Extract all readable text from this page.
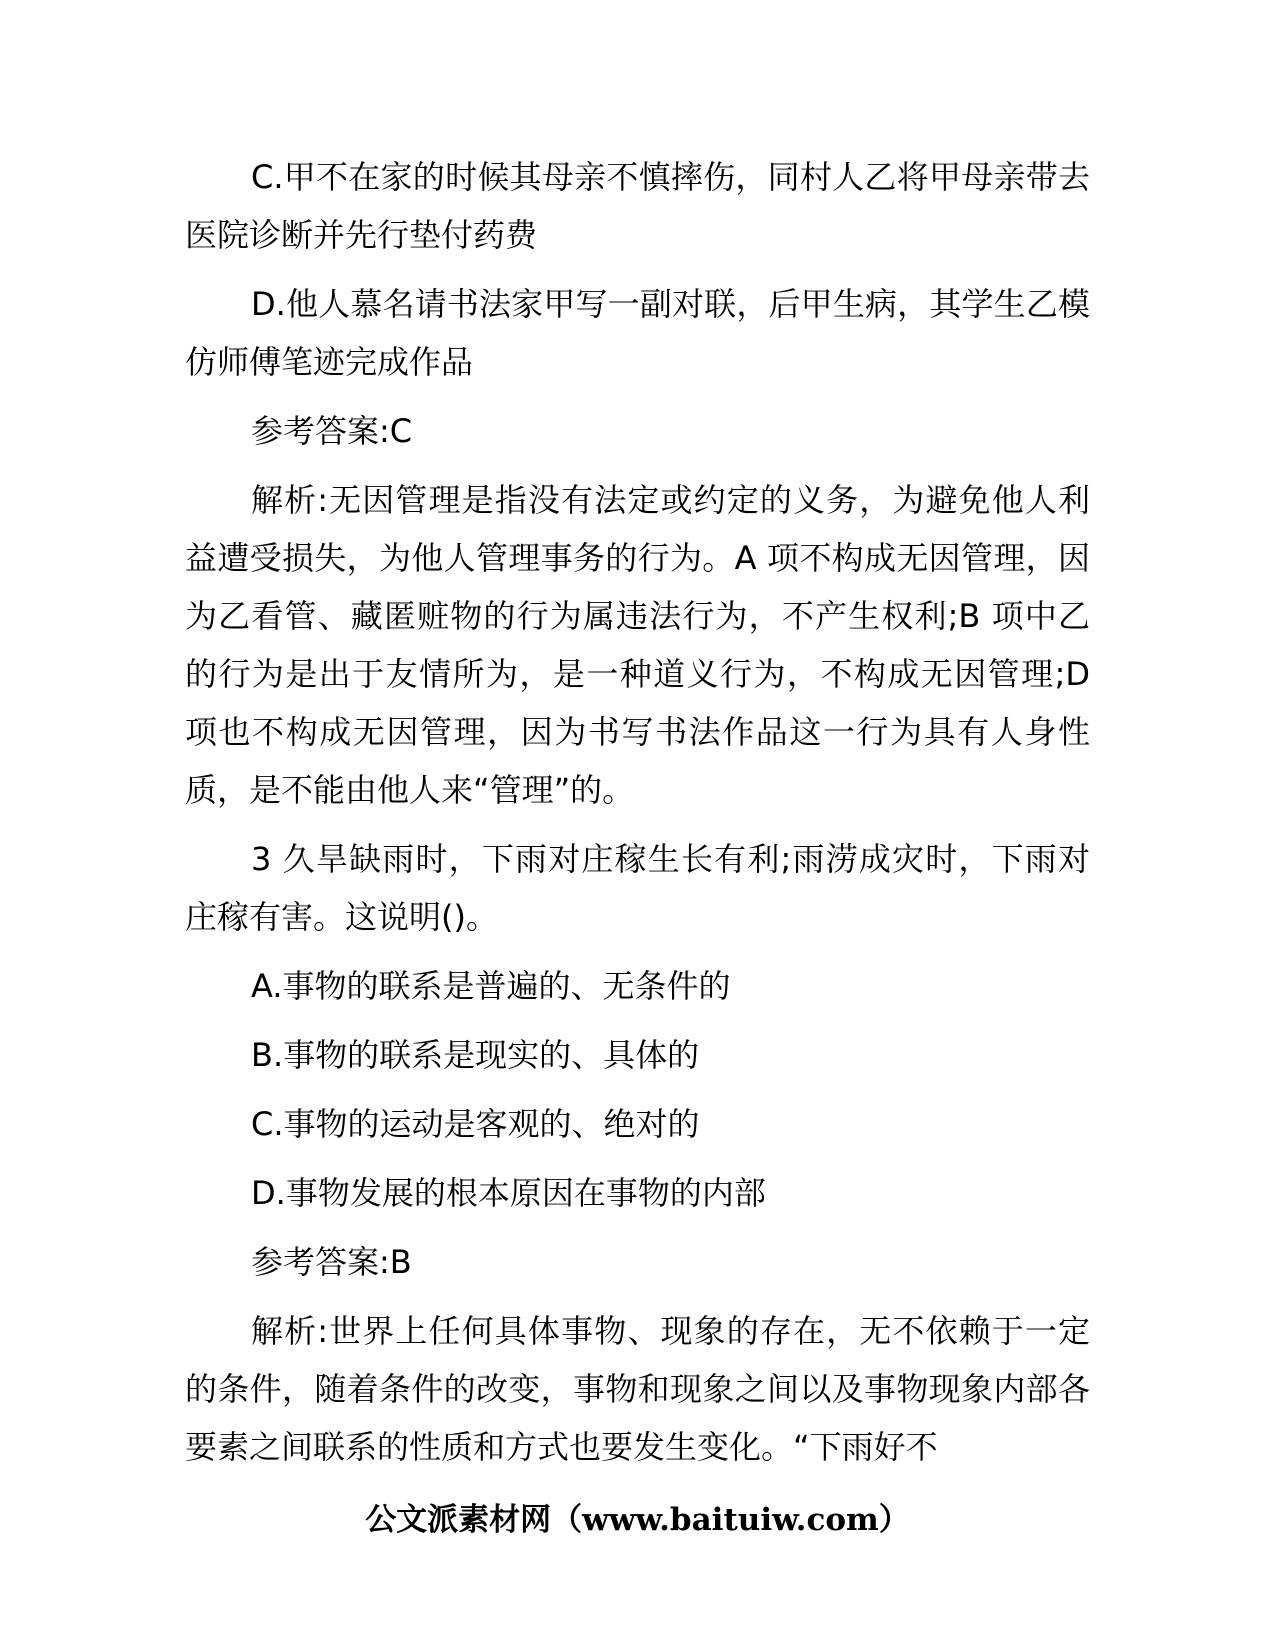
C.甲不在家的时候其母亲不慎摔伤，同村人乙将甲母亲带去医院诊断并先行垫付药费

D.他人慕名请书法家甲写一副对联，后甲生病，其学生乙模仿师傅笔迹完成作品

参考答案:C

解析:无因管理是指没有法定或约定的义务，为避免他人利益遭受损失，为他人管理事务的行为。A 项不构成无因管理，因为乙看管、藏匿赃物的行为属违法行为，不产生权利;B 项中乙的行为是出于友情所为，是一种道义行为，不构成无因管理;D 项也不构成无因管理，因为书写书法作品这一行为具有人身性质，是不能由他人来“管理”的。

3 久旱缺雨时，下雨对庄稼生长有利;雨涝成灾时，下雨对庄稼有害。这说明()。

A.事物的联系是普遍的、无条件的

B.事物的联系是现实的、具体的

C.事物的运动是客观的、绝对的

D.事物发展的根本原因在事物的内部

参考答案:B

解析:世界上任何具体事物、现象的存在，无不依赖于一定的条件，随着条件的改变，事物和现象之间以及事物现象内部各要素之间联系的性质和方式也要发生变化。“下雨好不

公文派素材网（www.baituiw.com）
